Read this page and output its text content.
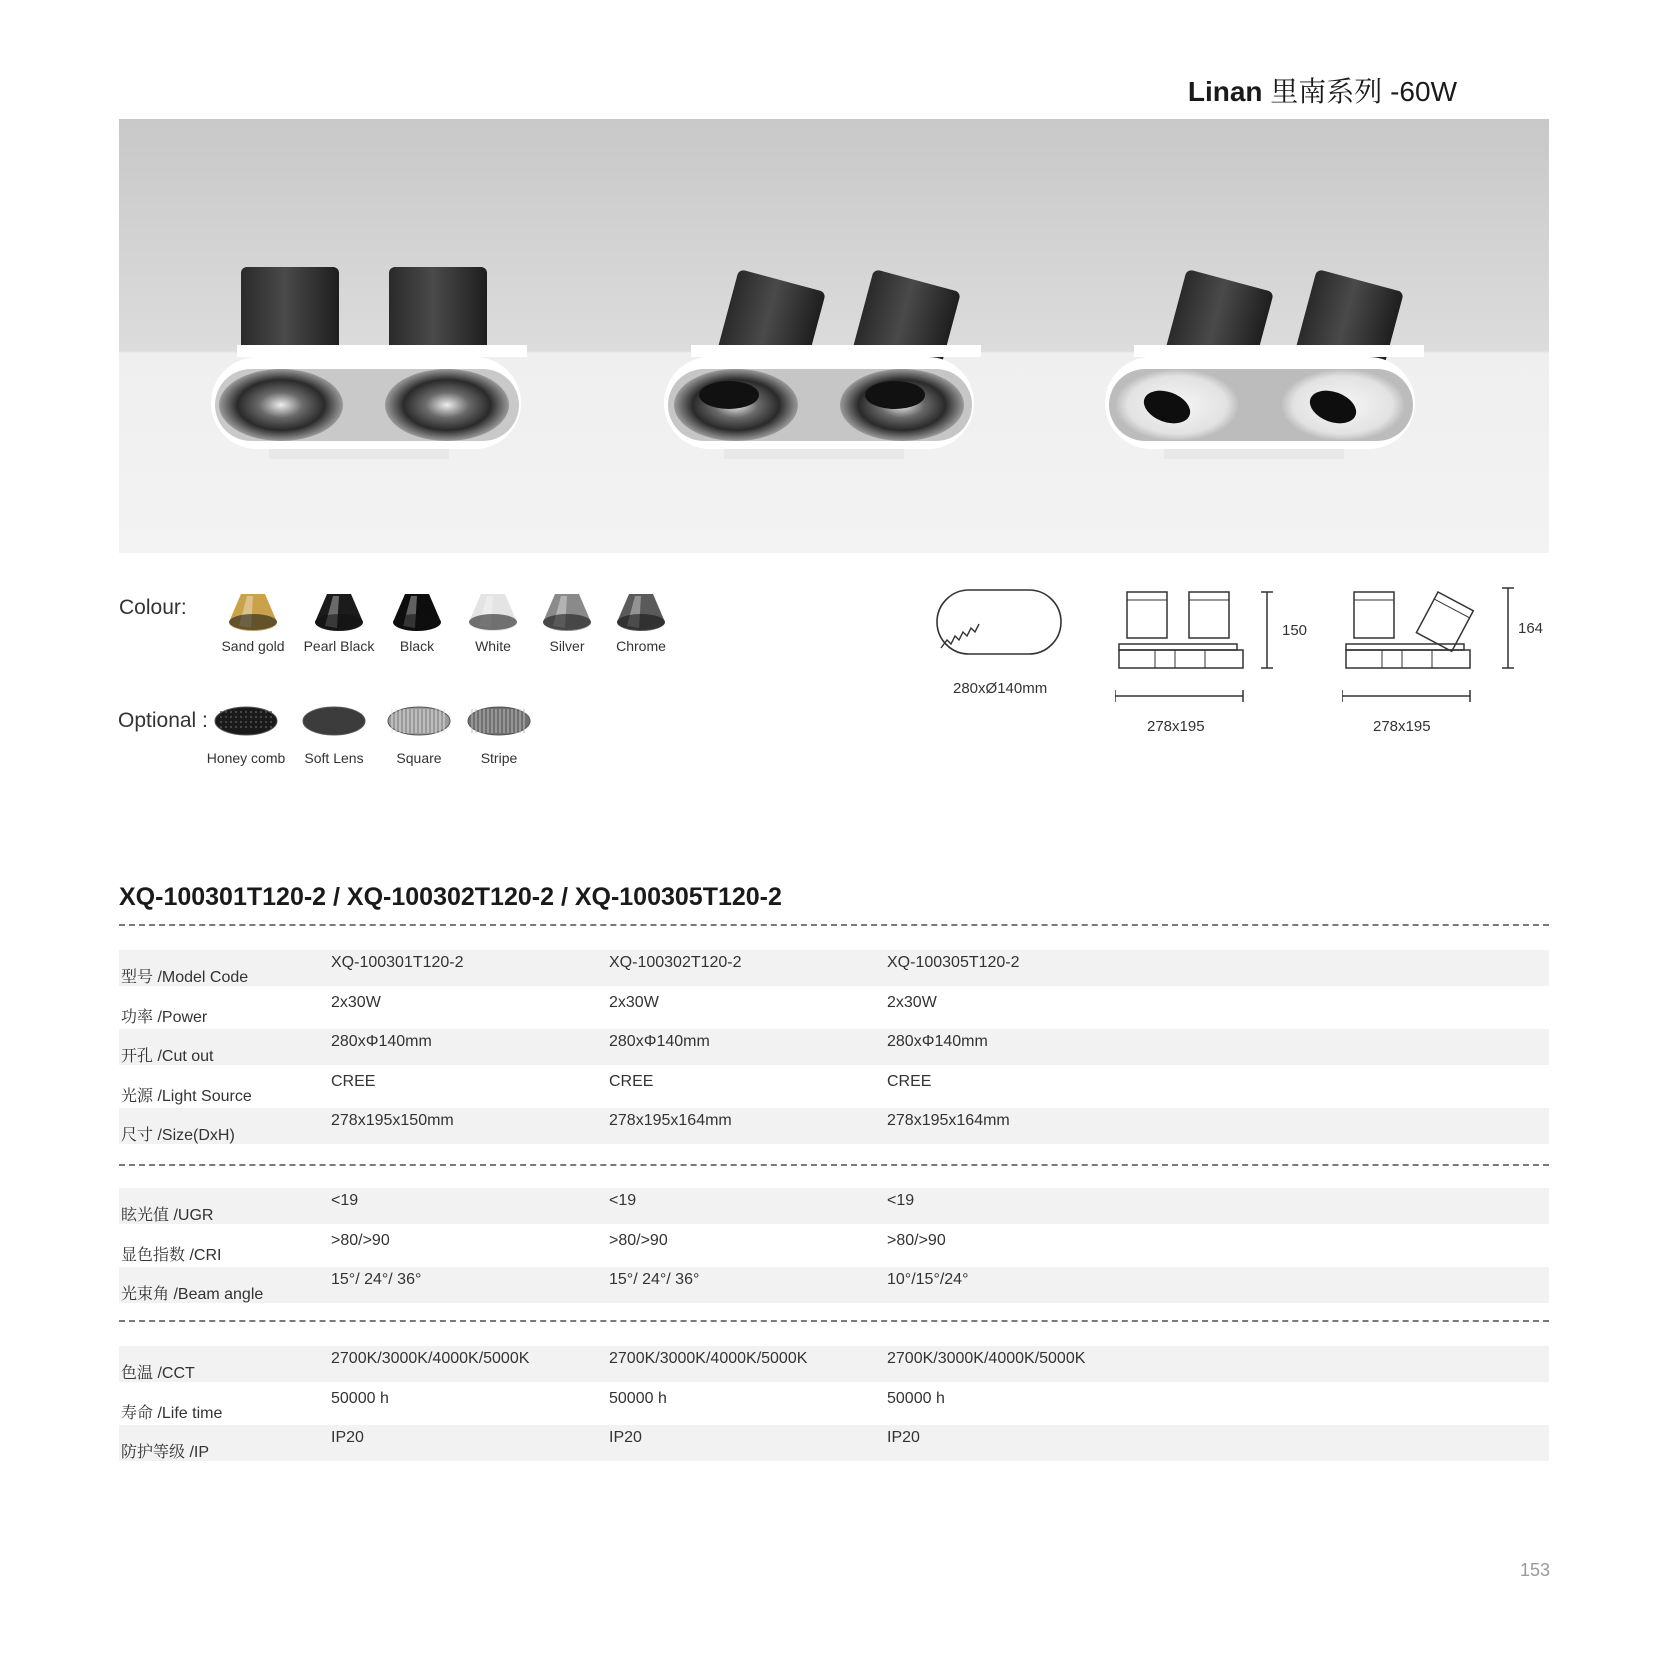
Linan 里南系列 -60W
Colour:
Sand gold	Pearl Black	Black	White	Silver	Chrome
Optional :
Honey comb	Soft Lens	Square	Stripe
280xØ140mm
150
278x195
164
278x195
XQ-100301T120-2 / XQ-100302T120-2 / XQ-100305T120-2
型号 /Model Code
XQ-100301T120-2	XQ-100302T120-2	XQ-100305T120-2
功率 /Power
2x30W	2x30W	2x30W
开孔 /Cut out
280xΦ140mm	280xΦ140mm	280xΦ140mm
光源 /Light Source
CREE	CREE	CREE
尺寸 /Size(DxH)
278x195x150mm	278x195x164mm	278x195x164mm
眩光值 /UGR
<19	<19	<19
显色指数 /CRI
>80/>90	>80/>90	>80/>90
光束角 /Beam angle
15°/ 24°/ 36°	15°/ 24°/ 36°	10°/15°/24°
色温 /CCT
2700K/3000K/4000K/5000K	2700K/3000K/4000K/5000K	2700K/3000K/4000K/5000K
寿命 /Life time
50000 h	50000 h	50000 h
防护等级 /IP
IP20	IP20	IP20
153
